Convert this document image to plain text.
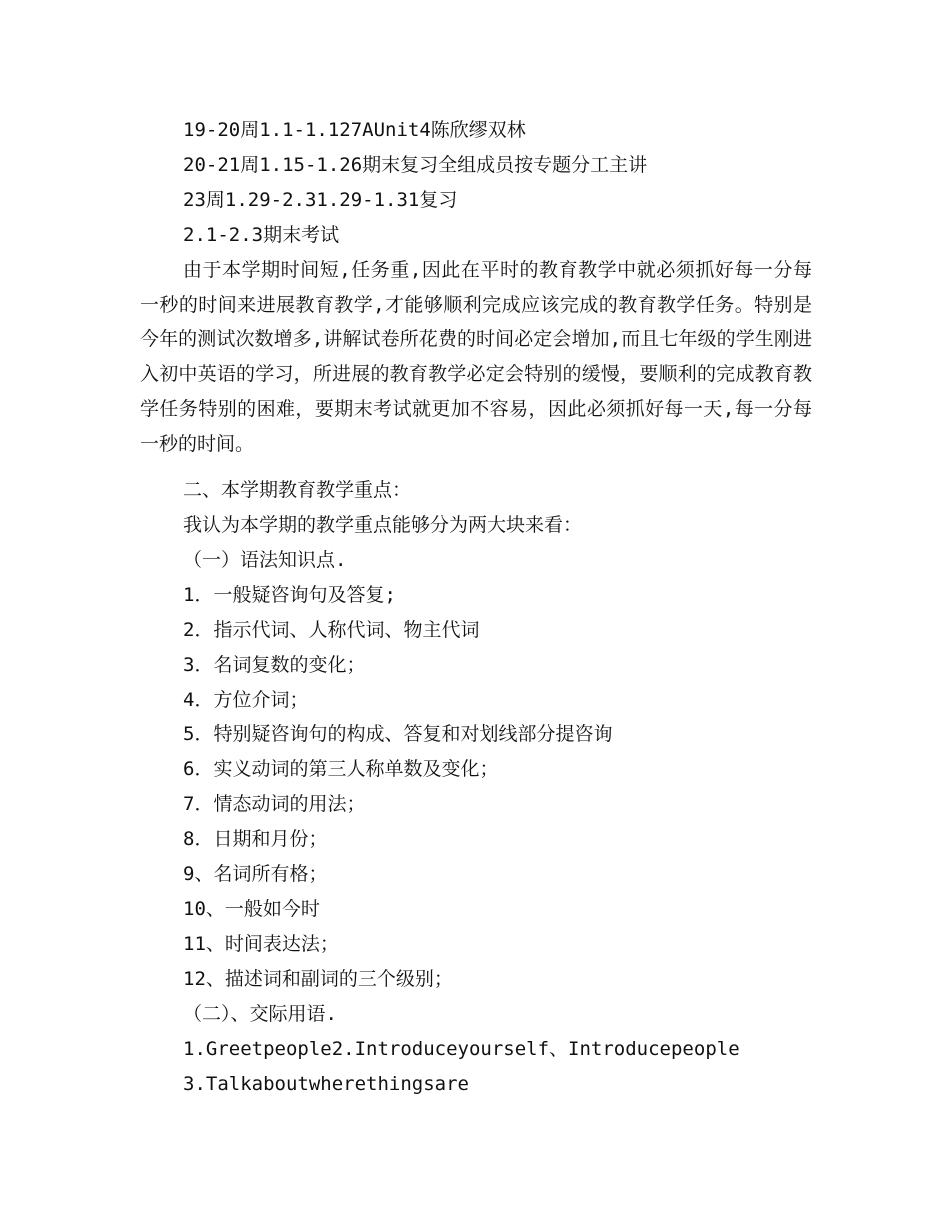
19-20周1.1-1.127AUnit4陈欣缪双林
20-21周1.15-1.26期末复习全组成员按专题分工主讲
23周1.29-2.31.29-1.31复习
2.1-2.3期末考试
由于本学期时间短,任务重,因此在平时的教育教学中就必须抓好每一分每一秒的时间来进展教育教学,才能够顺利完成应该完成的教育教学任务。特别是今年的测试次数增多,讲解试卷所花费的时间必定会增加,而且七年级的学生刚进入初中英语的学习，所进展的教育教学必定会特别的缓慢，要顺利的完成教育教学任务特别的困难，要期末考试就更加不容易，因此必须抓好每一天,每一分每一秒的时间。
二、本学期教育教学重点：
我认为本学期的教学重点能够分为两大块来看：
（一）语法知识点.
1．一般疑咨询句及答复;
2．指示代词、人称代词、物主代词
3．名词复数的变化；
4．方位介词；
5．特别疑咨询句的构成、答复和对划线部分提咨询
6．实义动词的第三人称单数及变化；
7．情态动词的用法；
8．日期和月份；
9、名词所有格；
10、一般如今时
11、时间表达法；
12、描述词和副词的三个级别；
（二）、交际用语.
1.Greetpeople2.Introduceyourself、Introducepeople
3.Talkaboutwherethingsare
